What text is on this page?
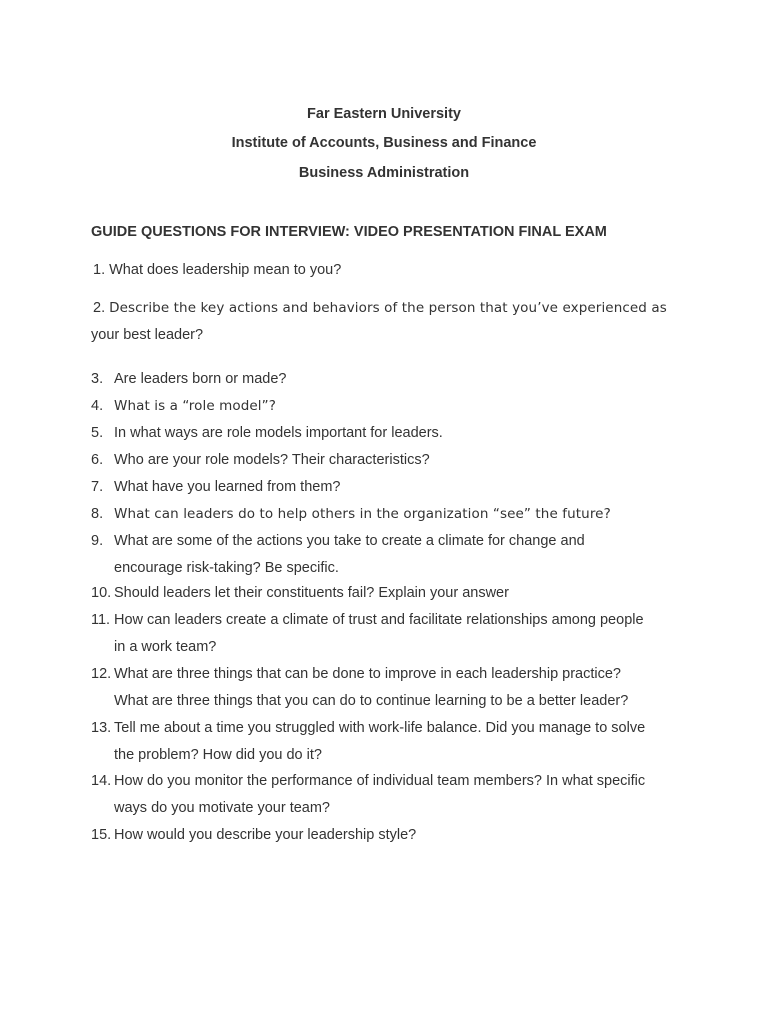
Far Eastern University
Institute of Accounts, Business and Finance
Business Administration
GUIDE QUESTIONS FOR INTERVIEW: VIDEO PRESENTATION FINAL EXAM
1. What does leadership mean to you?
2. Describe the key actions and behaviors of the person that you’ve experienced as
your best leader?
3. Are leaders born or made?
4. What is a “role model”?
5. In what ways are role models important for leaders.
6. Who are your role models? Their characteristics?
7. What have you learned from them?
8. What can leaders do to help others in the organization “see” the future?
9. What are some of the actions you take to create a climate for change and
encourage risk-taking? Be specific.
10. Should leaders let their constituents fail? Explain your answer
11. How can leaders create a climate of trust and facilitate relationships among people
in a work team?
12. What are three things that can be done to improve in each leadership practice?
What are three things that you can do to continue learning to be a better leader?
13. Tell me about a time you struggled with work-life balance. Did you manage to solve
the problem? How did you do it?
14. How do you monitor the performance of individual team members? In what specific
ways do you motivate your team?
15. How would you describe your leadership style?
